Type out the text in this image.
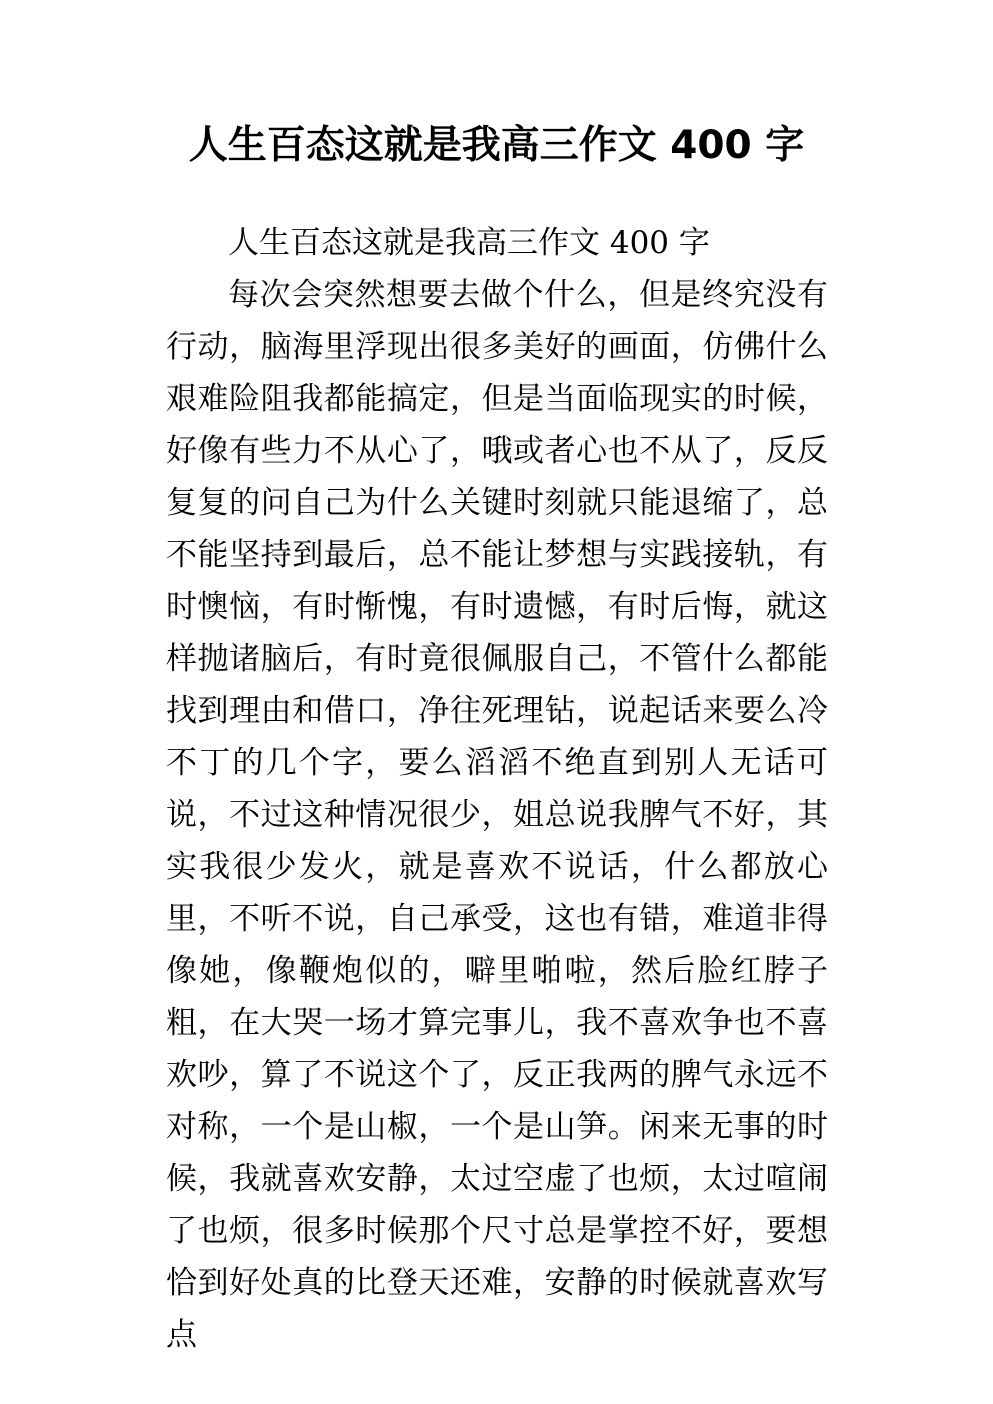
人生百态这就是我高三作文 400 字

人生百态这就是我高三作文 400 字

每次会突然想要去做个什么，但是终究没有行动，脑海里浮现出很多美好的画面，仿佛什么艰难险阻我都能搞定，但是当面临现实的时候，好像有些力不从心了，哦或者心也不从了，反反复复的问自己为什么关键时刻就只能退缩了，总不能坚持到最后，总不能让梦想与实践接轨，有时懊恼，有时惭愧，有时遗憾，有时后悔，就这样抛诸脑后，有时竟很佩服自己，不管什么都能找到理由和借口，净往死理钻，说起话来要么冷不丁的几个字，要么滔滔不绝直到别人无话可说，不过这种情况很少，姐总说我脾气不好，其实我很少发火，就是喜欢不说话，什么都放心里，不听不说，自己承受，这也有错，难道非得像她，像鞭炮似的，噼里啪啦，然后脸红脖子粗，在大哭一场才算完事儿，我不喜欢争也不喜欢吵，算了不说这个了，反正我两的脾气永远不对称，一个是山椒，一个是山笋。闲来无事的时候，我就喜欢安静，太过空虚了也烦，太过喧闹了也烦，很多时候那个尺寸总是掌控不好，要想恰到好处真的比登天还难，安静的时候就喜欢写点
